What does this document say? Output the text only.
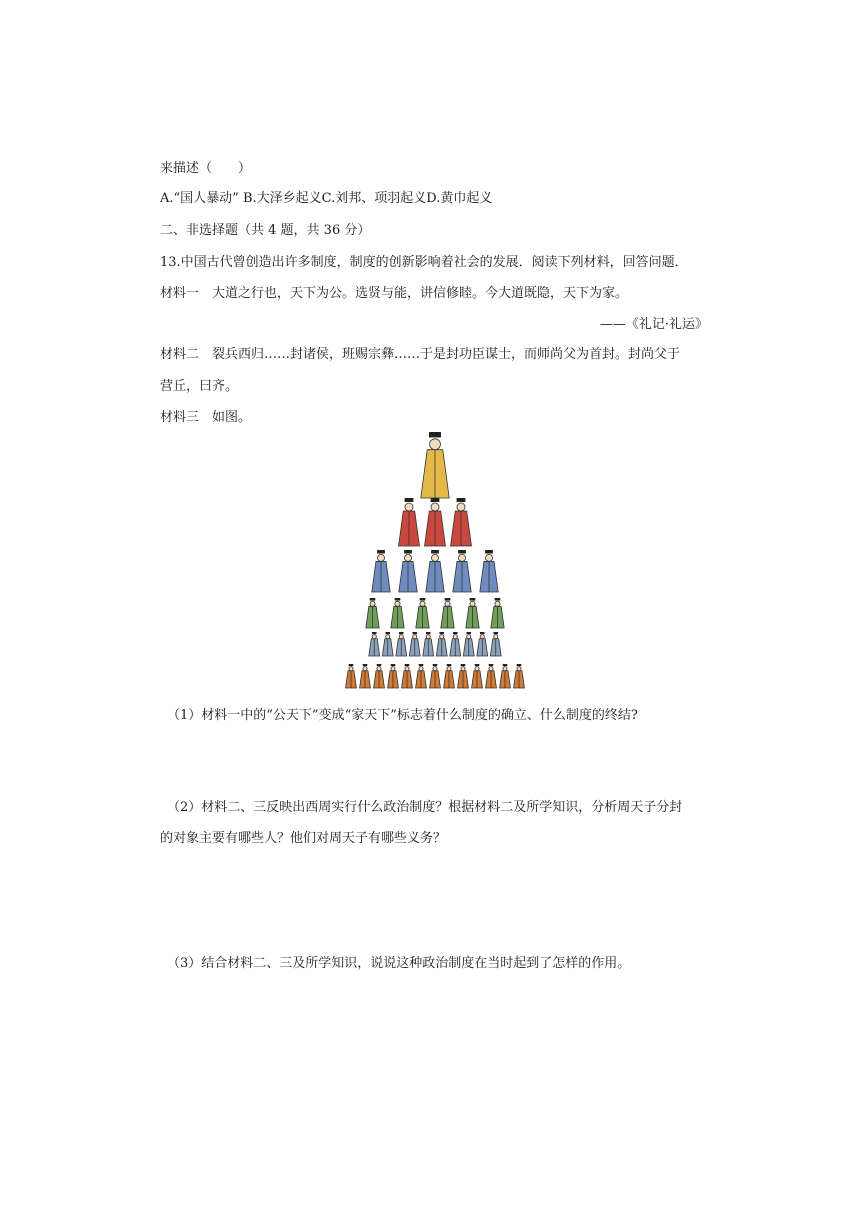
来描述（　　）
A.“国人暴动” B.大泽乡起义C.刘邦、项羽起义D.黄巾起义
二、非选择题（共 4 题，共 36 分）
13.中国古代曾创造出许多制度，制度的创新影响着社会的发展．阅读下列材料，回答问题．
材料一　大道之行也，天下为公。选贤与能，讲信修睦。今大道既隐，天下为家。
——《礼记·礼运》
材料二　裂兵西归……封诸侯，班赐宗彝……于是封功臣谋士，而师尚父为首封。封尚父于
营丘，曰齐。
材料三　如图。
（1）材料一中的“公天下”变成“家天下”标志着什么制度的确立、什么制度的终结?
（2）材料二、三反映出西周实行什么政治制度？根据材料二及所学知识，分析周天子分封
的对象主要有哪些人？他们对周天子有哪些义务？
（3）结合材料二、三及所学知识，说说这种政治制度在当时起到了怎样的作用。
